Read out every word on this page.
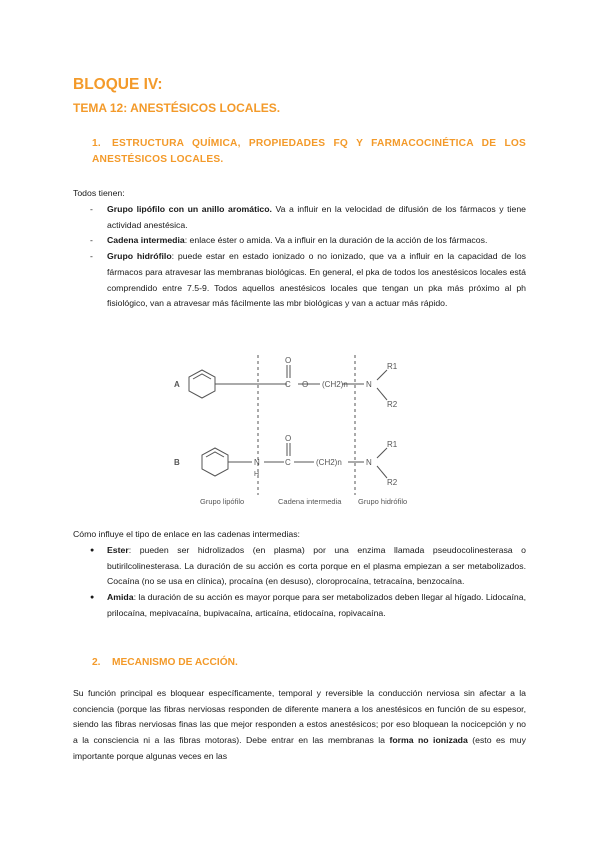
BLOQUE IV:
TEMA 12: ANESTÉSICOS LOCALES.
1. ESTRUCTURA QUÍMICA, PROPIEDADES FQ Y FARMACOCINÉTICA DE LOS ANESTÉSICOS LOCALES.

Todos tienen:

- Grupo lipófilo con un anillo aromático. Va a influir en la velocidad de difusión de los fármacos y tiene actividad anestésica.
- Cadena intermedia: enlace éster o amida. Va a influir en la duración de la acción de los fármacos.
- Grupo hidrófilo: puede estar en estado ionizado o no ionizado, que va a influir en la capacidad de los fármacos para atravesar las membranas biológicas. En general, el pka de todos los anestésicos locales está comprendido entre 7.5-9. Todos aquellos anestésicos locales que tengan un pka más próximo al ph fisiológico, van a atravesar más fácilmente las mbr biológicas y van a actuar más rápido.
A
B
O
C O (CH2)n N
R1
R2
N
H
O
C	(CH2)n	N
R1
R2
Grupo lipófilo	Cadena intermedia Grupo hidrófilo

Cómo influye el tipo de enlace en las cadenas intermedias:

● Ester: pueden ser hidrolizados (en plasma) por una enzima llamada pseudocolinesterasa o butirilcolinesterasa. La duración de su acción es corta porque en el plasma empiezan a ser metabolizados. Cocaína (no se usa en clínica), procaína (en desuso), cloroprocaína, tetracaína, benzocaína.
● Amida: la duración de su acción es mayor porque para ser metabolizados deben llegar al hígado. Lidocaína, prilocaína, mepivacaína, bupivacaína, articaína, etidocaína, ropivacaína.
2. MECANISMO DE ACCIÓN.

Su función principal es bloquear específicamente, temporal y reversible la conducción nerviosa sin afectar a la conciencia (porque las fibras nerviosas responden de diferente manera a los anestésicos en función de su espesor, siendo las fibras nerviosas finas las que mejor responden a estos anestésicos; por eso bloquean la nocicepción y no a la consciencia ni a las fibras motoras). Debe entrar en las membranas la forma no ionizada (esto es muy importante porque algunas veces en las
